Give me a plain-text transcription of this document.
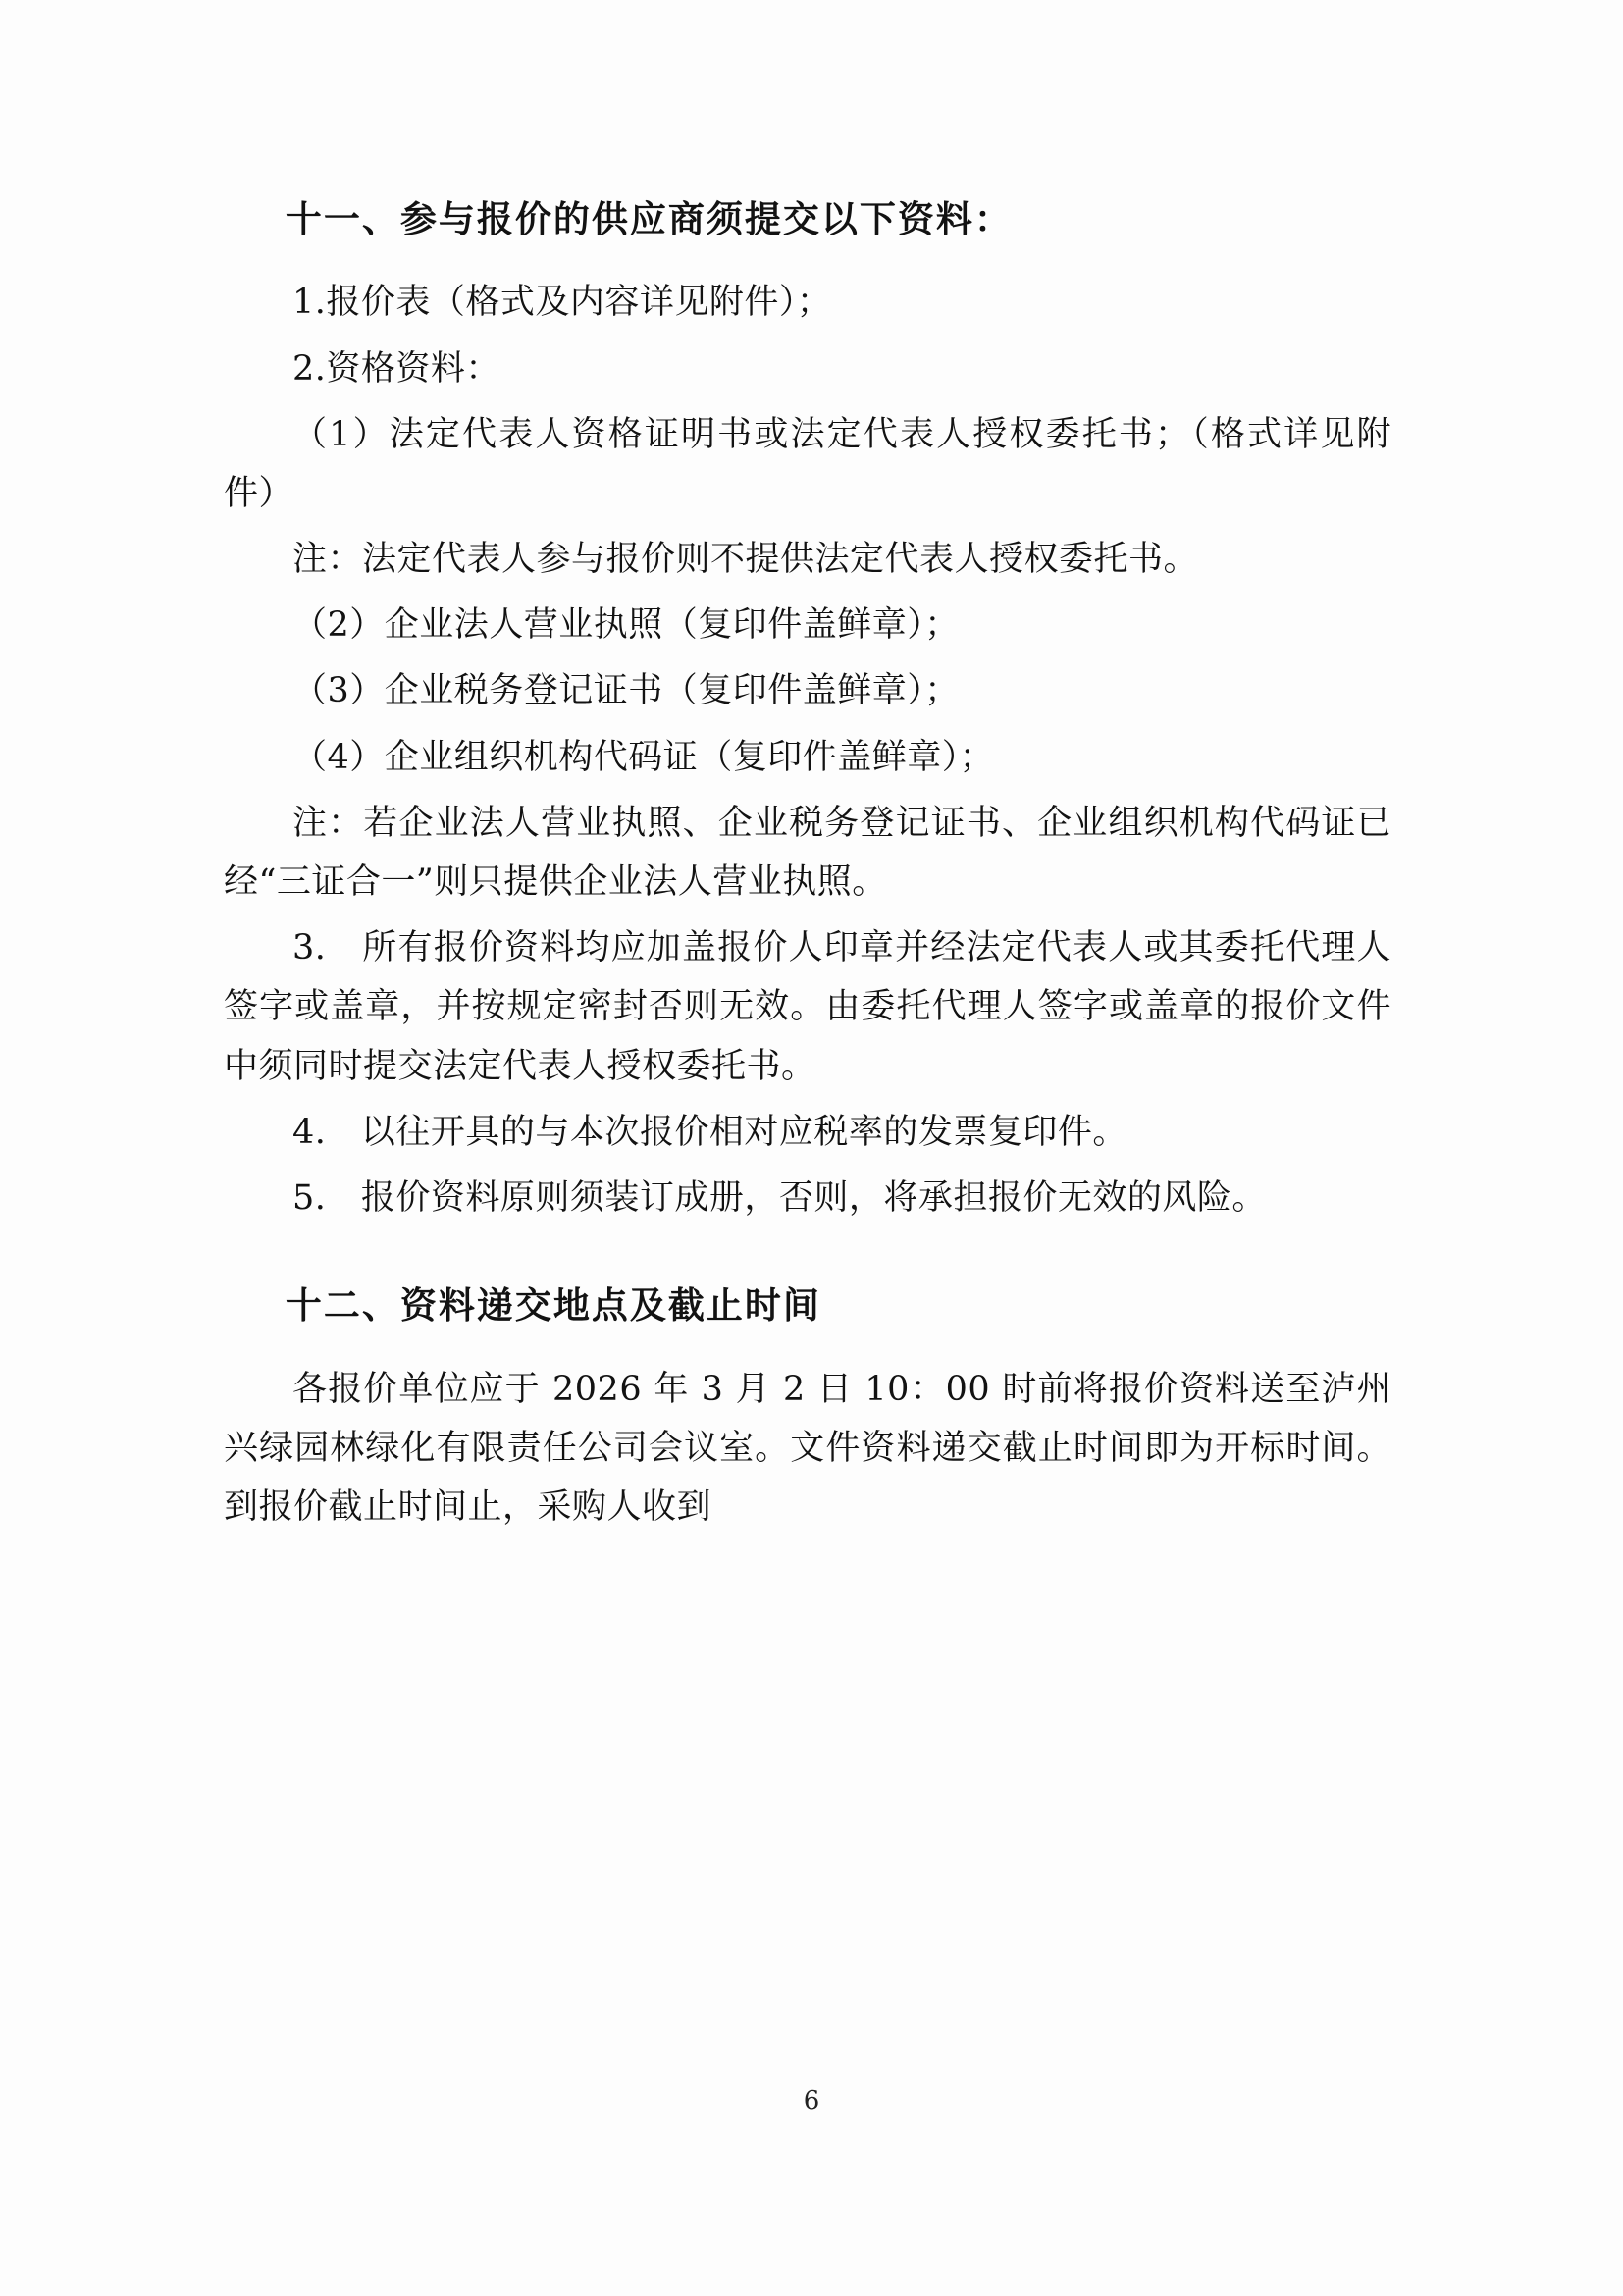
十一、参与报价的供应商须提交以下资料：

1.报价表（格式及内容详见附件）；

2.资格资料：

（1）法定代表人资格证明书或法定代表人授权委托书；（格式详见附件）

注：法定代表人参与报价则不提供法定代表人授权委托书。

（2）企业法人营业执照（复印件盖鲜章）；

（3）企业税务登记证书（复印件盖鲜章）；

（4）企业组织机构代码证（复印件盖鲜章）；

注：若企业法人营业执照、企业税务登记证书、企业组织机构代码证已经“三证合一”则只提供企业法人营业执照。

3.　所有报价资料均应加盖报价人印章并经法定代表人或其委托代理人签字或盖章，并按规定密封否则无效。由委托代理人签字或盖章的报价文件中须同时提交法定代表人授权委托书。

4.　以往开具的与本次报价相对应税率的发票复印件。

5.　报价资料原则须装订成册，否则，将承担报价无效的风险。

十二、资料递交地点及截止时间

各报价单位应于 2026 年 3 月 2 日 10：00 时前将报价资料送至泸州兴绿园林绿化有限责任公司会议室。文件资料递交截止时间即为开标时间。到报价截止时间止，采购人收到

6
